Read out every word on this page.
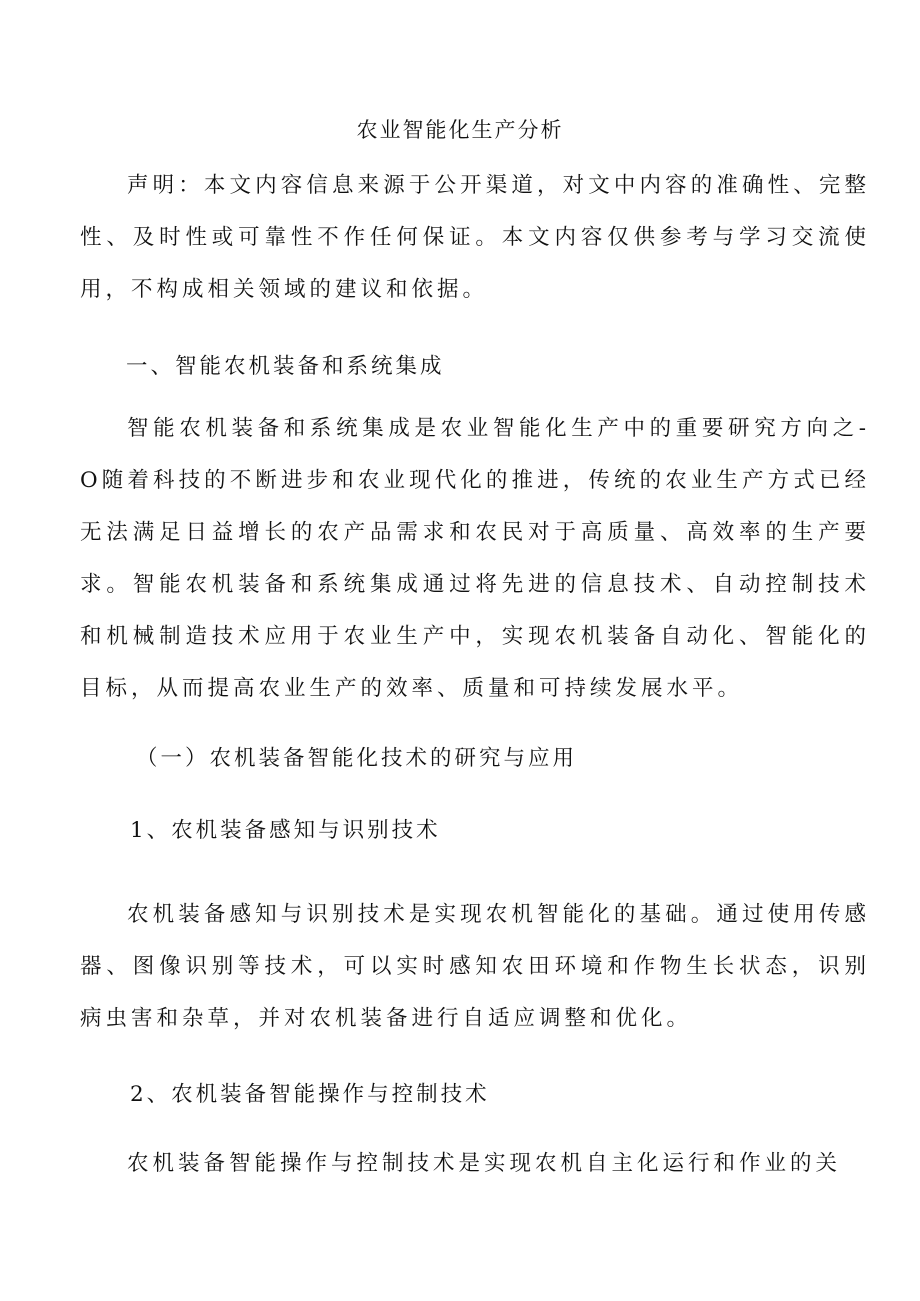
农业智能化生产分析

声明：本文内容信息来源于公开渠道，对文中内容的准确性、完整性、及时性或可靠性不作任何保证。本文内容仅供参考与学习交流使用，不构成相关领域的建议和依据。

一、智能农机装备和系统集成

智能农机装备和系统集成是农业智能化生产中的重要研究方向之-O随着科技的不断进步和农业现代化的推进，传统的农业生产方式已经无法满足日益增长的农产品需求和农民对于高质量、高效率的生产要求。智能农机装备和系统集成通过将先进的信息技术、自动控制技术和机械制造技术应用于农业生产中，实现农机装备自动化、智能化的目标，从而提高农业生产的效率、质量和可持续发展水平。

（一）农机装备智能化技术的研究与应用
1、农机装备感知与识别技术

农机装备感知与识别技术是实现农机智能化的基础。通过使用传感器、图像识别等技术，可以实时感知农田环境和作物生长状态，识别病虫害和杂草，并对农机装备进行自适应调整和优化。

2、农机装备智能操作与控制技术

农机装备智能操作与控制技术是实现农机自主化运行和作业的关
